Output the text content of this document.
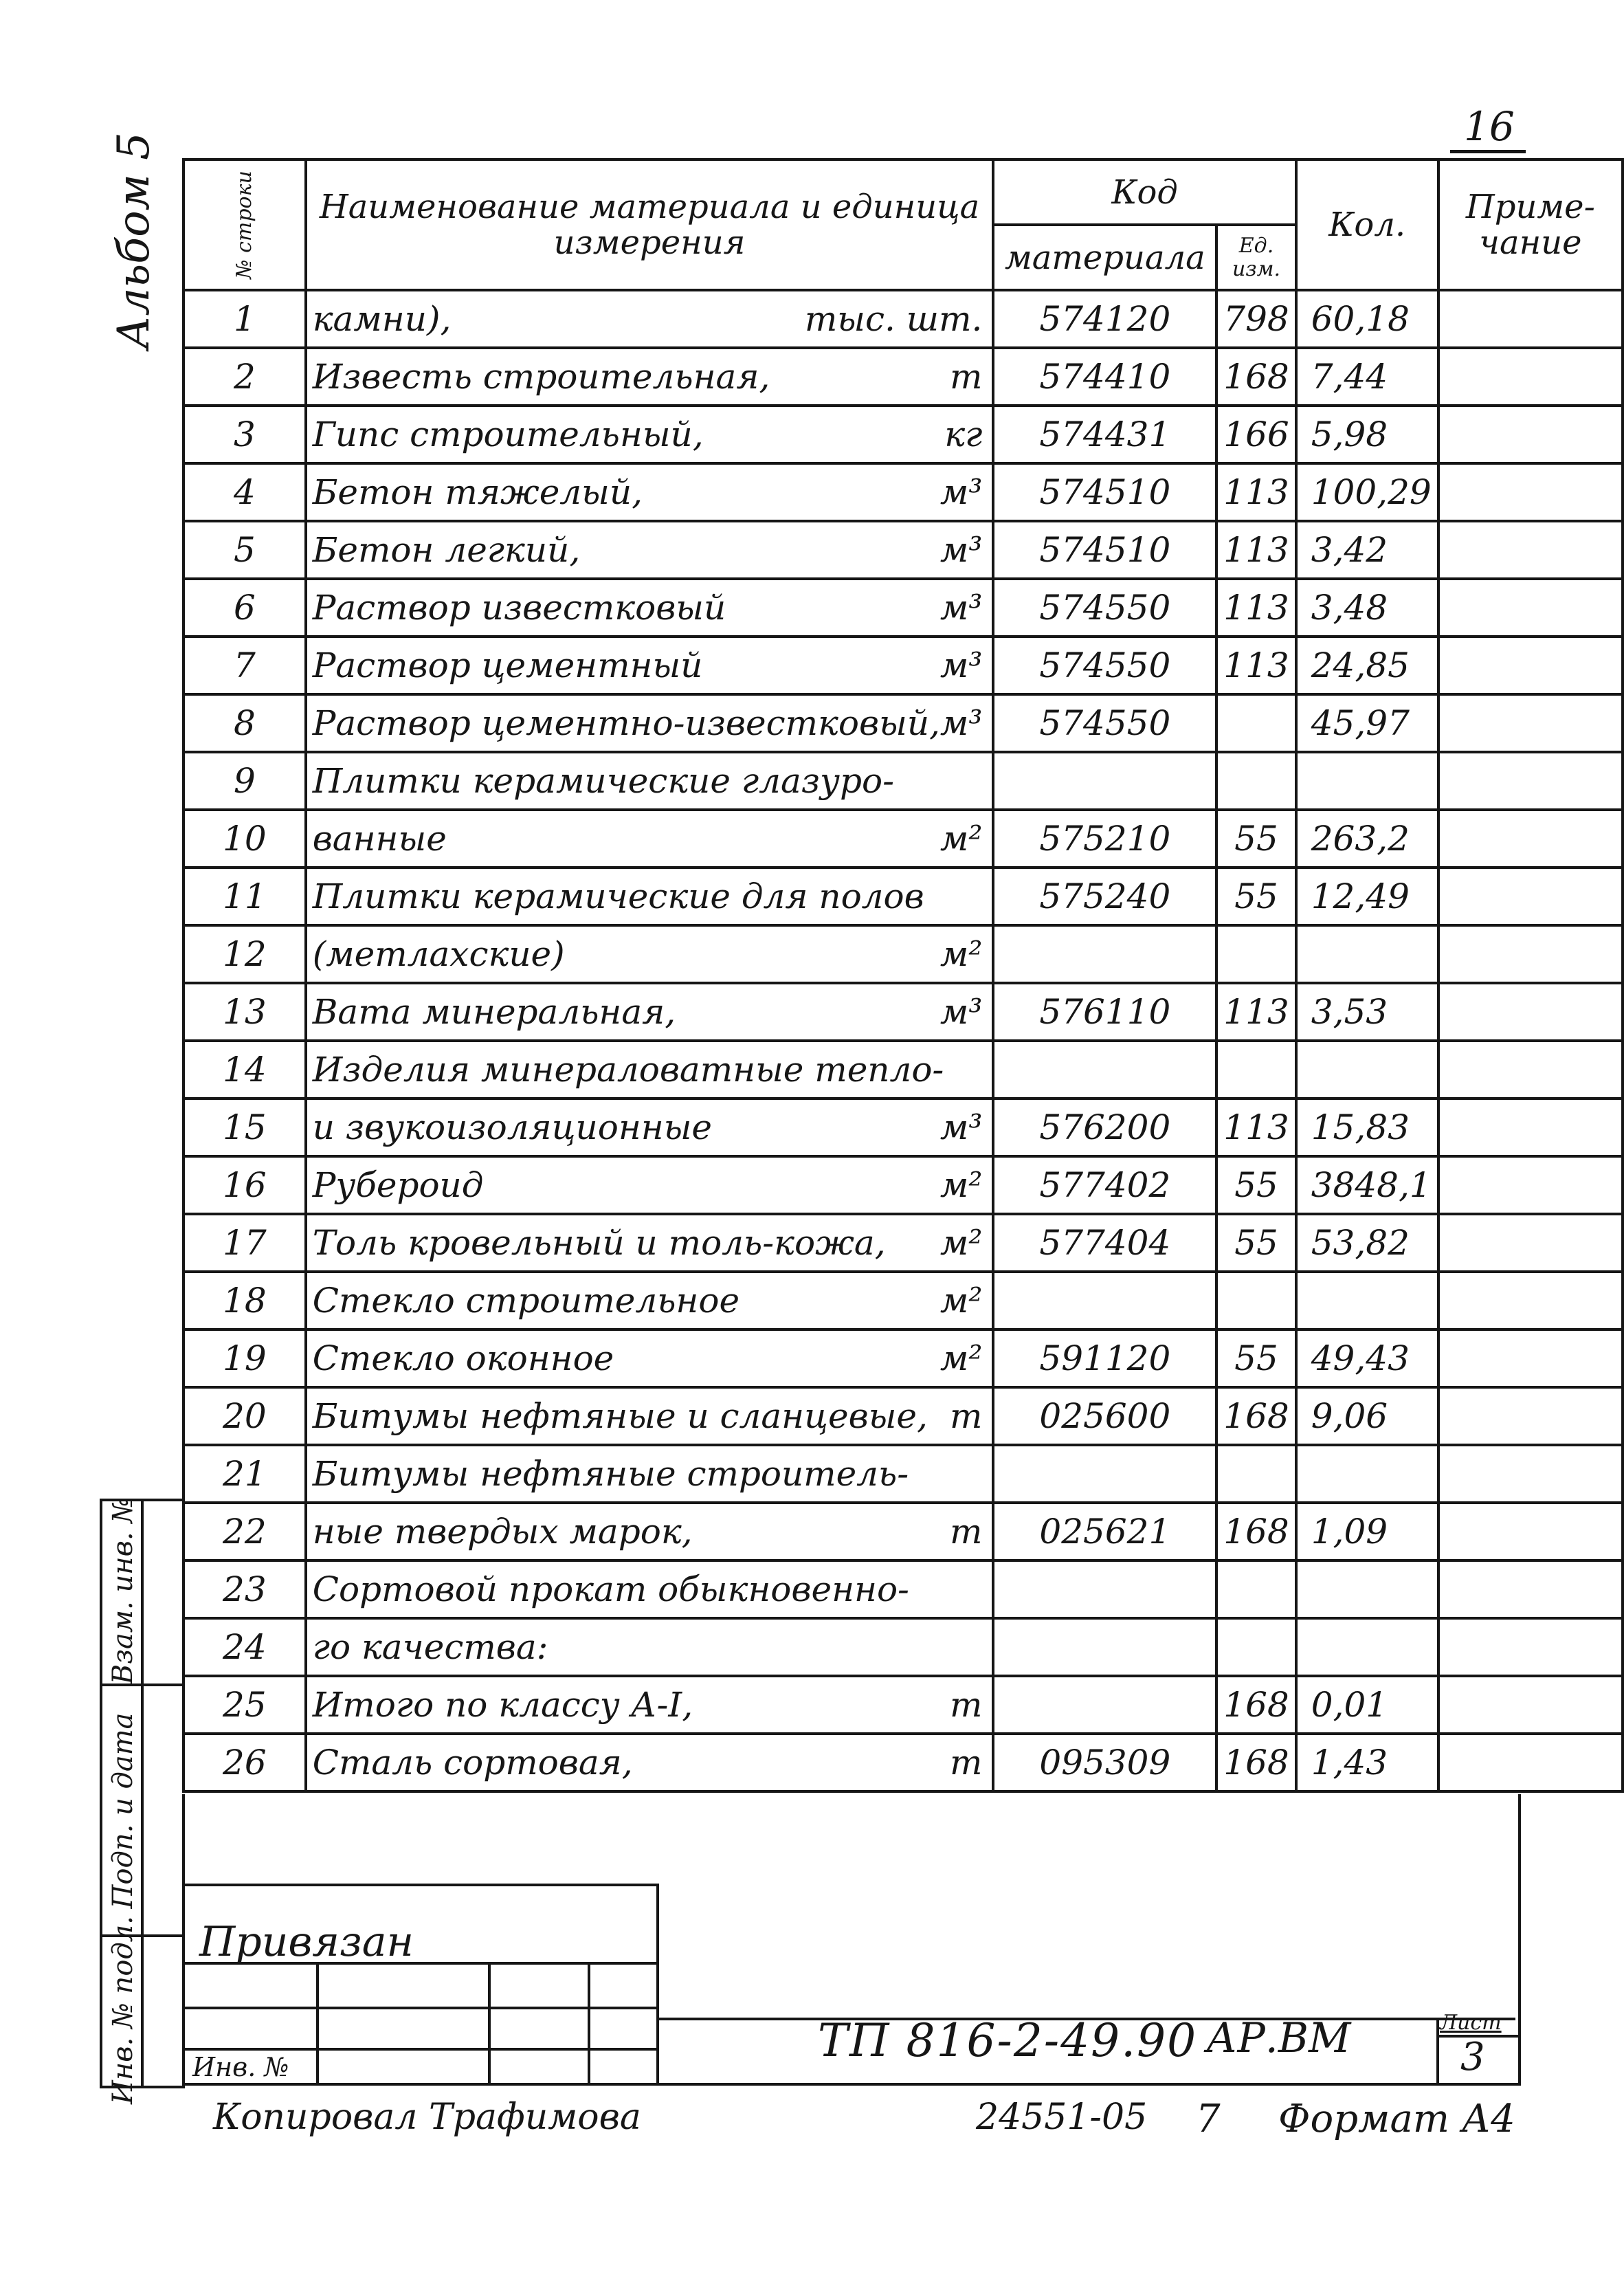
16
Альбом 5	№ строки	Наименование материала и единица измерения	Код		Кол.	Приме- чание

		материала	Ед. изм.		

1	камни), тыс. шт.	574120	798	60,18	
2	Известь строительная, т	574410	168	7,44	
3	Гипс строительный, кг	574431	166	5,98	
4	Бетон тяжелый, м³	574510	113	100,29	
5	Бетон легкий, м³	574510	113	3,42	
6	Раствор известковый м³	574550	113	3,48	
7	Раствор цементный м³	574550	113	24,85	
8	Раствор цементно-известковый, м³	574550		45,97	
9	Плитки керамические глазуро-				

10	ванные м²	575210	55	263,2	
11	Плитки керамические для полов	575240	55	12,49	
12	(метлахские) м²				

13	Вата минеральная, м³	576110	113	3,53	
14	Изделия минераловатные тепло-				

15	и звукоизоляционные м³	576200	113	15,83	
16	Рубероид м²	577402	55	3848,1	
17	Толь кровельный и толь-кожа, м²	577404	55	53,82	
18	Стекло строительное м²				

19	Стекло оконное м²	591120	55	49,43	
20	Битумы нефтяные и сланцевые, т	025600	168	9,06	
21	Битумы нефтяные строитель-				

22	ные твердых марок, т	025621	168	1,09	
23	Сортовой прокат обыкновенно-				

24	го качества:				

25	Итого по классу А-I, т		168	0,01	
26	Сталь сортовая, т	095309	168	1,43	
Взам. инв. №
Подп. и дата
Инв. № подл. Привязан
Инв. №	ТП 816-2-49.90 АР.ВМ	Лист
3
Копировал Трафимова	24551-05 7 Формат А4
